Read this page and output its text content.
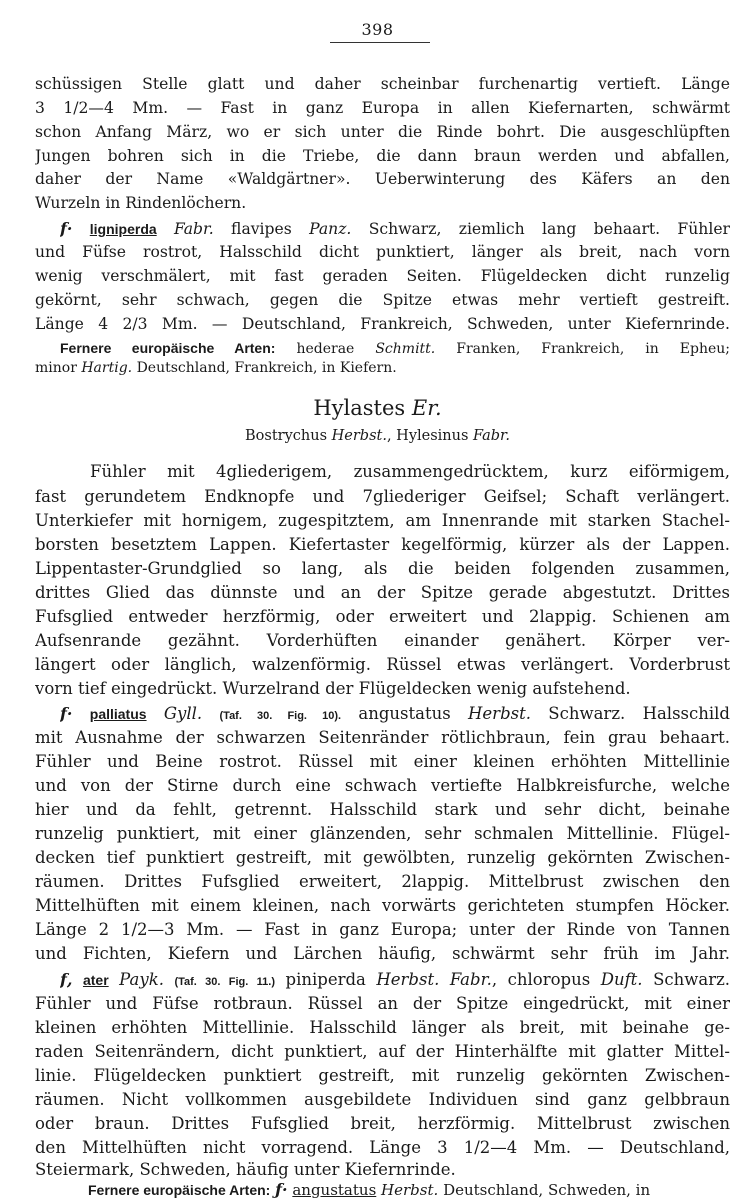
398
schüssigen Stelle glatt und daher scheinbar furchenartig vertieft. Länge
3 1/2—4 Mm. — Fast in ganz Europa in allen Kiefernarten, schwärmt
schon Anfang März, wo er sich unter die Rinde bohrt. Die ausgeschlüpften
Jungen bohren sich in die Triebe, die dann braun werden und abfallen,
daher der Name «Waldgärtner». Ueberwinterung des Käfers an den
Wurzeln in Rindenlöchern.
ƒ· ligniperda Fabr. flavipes Panz. Schwarz, ziemlich lang behaart. Fühler
und Füfse rostrot, Halsschild dicht punktiert, länger als breit, nach vorn
wenig verschmälert, mit fast geraden Seiten. Flügeldecken dicht runzelig
gekörnt, sehr schwach, gegen die Spitze etwas mehr vertieft gestreift.
Länge 4 2/3 Mm. — Deutschland, Frankreich, Schweden, unter Kiefernrinde.
Fernere europäische Arten: hederae Schmitt. Franken, Frankreich, in Epheu;
minor Hartig. Deutschland, Frankreich, in Kiefern.
Hylastes Er.
Bostrychus Herbst., Hylesinus Fabr.
Fühler mit 4gliederigem, zusammengedrücktem, kurz eiförmigem,
fast gerundetem Endknopfe und 7gliederiger Geifsel; Schaft verlängert.
Unterkiefer mit hornigem, zugespitztem, am Innenrande mit starken Stachel-
borsten besetztem Lappen. Kiefertaster kegelförmig, kürzer als der Lappen.
Lippentaster-Grundglied so lang, als die beiden folgenden zusammen,
drittes Glied das dünnste und an der Spitze gerade abgestutzt. Drittes
Fufsglied entweder herzförmig, oder erweitert und 2lappig. Schienen am
Aufsenrande gezähnt. Vorderhüften einander genähert. Körper ver-
längert oder länglich, walzenförmig. Rüssel etwas verlängert. Vorderbrust
vorn tief eingedrückt. Wurzelrand der Flügeldecken wenig aufstehend.
ƒ· palliatus Gyll. (Taf. 30. Fig. 10). angustatus Herbst. Schwarz. Halsschild
mit Ausnahme der schwarzen Seitenränder rötlichbraun, fein grau behaart.
Fühler und Beine rostrot. Rüssel mit einer kleinen erhöhten Mittellinie
und von der Stirne durch eine schwach vertiefte Halbkreisfurche, welche
hier und da fehlt, getrennt. Halsschild stark und sehr dicht, beinahe
runzelig punktiert, mit einer glänzenden, sehr schmalen Mittellinie. Flügel-
decken tief punktiert gestreift, mit gewölbten, runzelig gekörnten Zwischen-
räumen. Drittes Fufsglied erweitert, 2lappig. Mittelbrust zwischen den
Mittelhüften mit einem kleinen, nach vorwärts gerichteten stumpfen Höcker.
Länge 2 1/2—3 Mm. — Fast in ganz Europa; unter der Rinde von Tannen
und Fichten, Kiefern und Lärchen häufig, schwärmt sehr früh im Jahr.
ƒ, ater Payk. (Taf. 30. Fig. 11.) piniperda Herbst. Fabr., chloropus Duft. Schwarz.
Fühler und Füfse rotbraun. Rüssel an der Spitze eingedrückt, mit einer
kleinen erhöhten Mittellinie. Halsschild länger als breit, mit beinahe ge-
raden Seitenrändern, dicht punktiert, auf der Hinterhälfte mit glatter Mittel-
linie. Flügeldecken punktiert gestreift, mit runzelig gekörnten Zwischen-
räumen. Nicht vollkommen ausgebildete Individuen sind ganz gelbbraun
oder braun. Drittes Fufsglied breit, herzförmig. Mittelbrust zwischen
den Mittelhüften nicht vorragend. Länge 3 1/2—4 Mm. — Deutschland,
Steiermark, Schweden, häufig unter Kiefernrinde.
Fernere europäische Arten: ƒ· angustatus Herbst. Deutschland, Schweden, in
